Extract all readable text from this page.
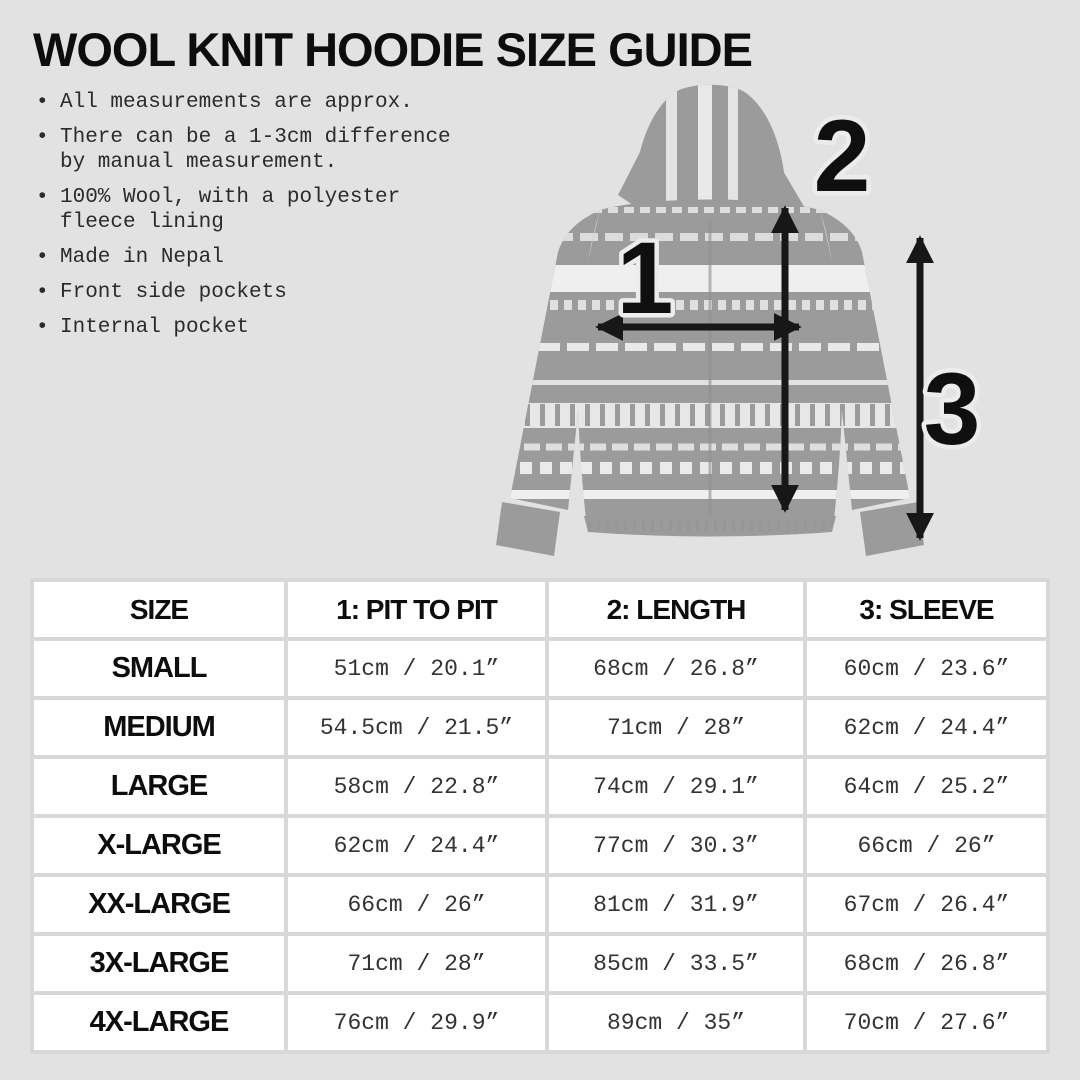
WOOL KNIT HOODIE SIZE GUIDE
• All measurements are approx.
• There can be a 1-3cm difference by manual measurement.
• 100% Wool, with a polyester fleece lining
• Made in Nepal
• Front side pockets
• Internal pocket	1
2
3
SIZE	1: PIT TO PIT	2: LENGTH	3: SLEEVE
SMALL	51cm / 20.1”	68cm / 26.8”	60cm / 23.6”
MEDIUM	54.5cm / 21.5”	71cm / 28”	62cm / 24.4”
LARGE	58cm / 22.8”	74cm / 29.1”	64cm / 25.2”
X-LARGE	62cm / 24.4”	77cm / 30.3”	66cm / 26”
XX-LARGE	66cm / 26”	81cm / 31.9”	67cm / 26.4”
3X-LARGE	71cm / 28”	85cm / 33.5”	68cm / 26.8”
4X-LARGE	76cm / 29.9”	89cm / 35”	70cm / 27.6”
